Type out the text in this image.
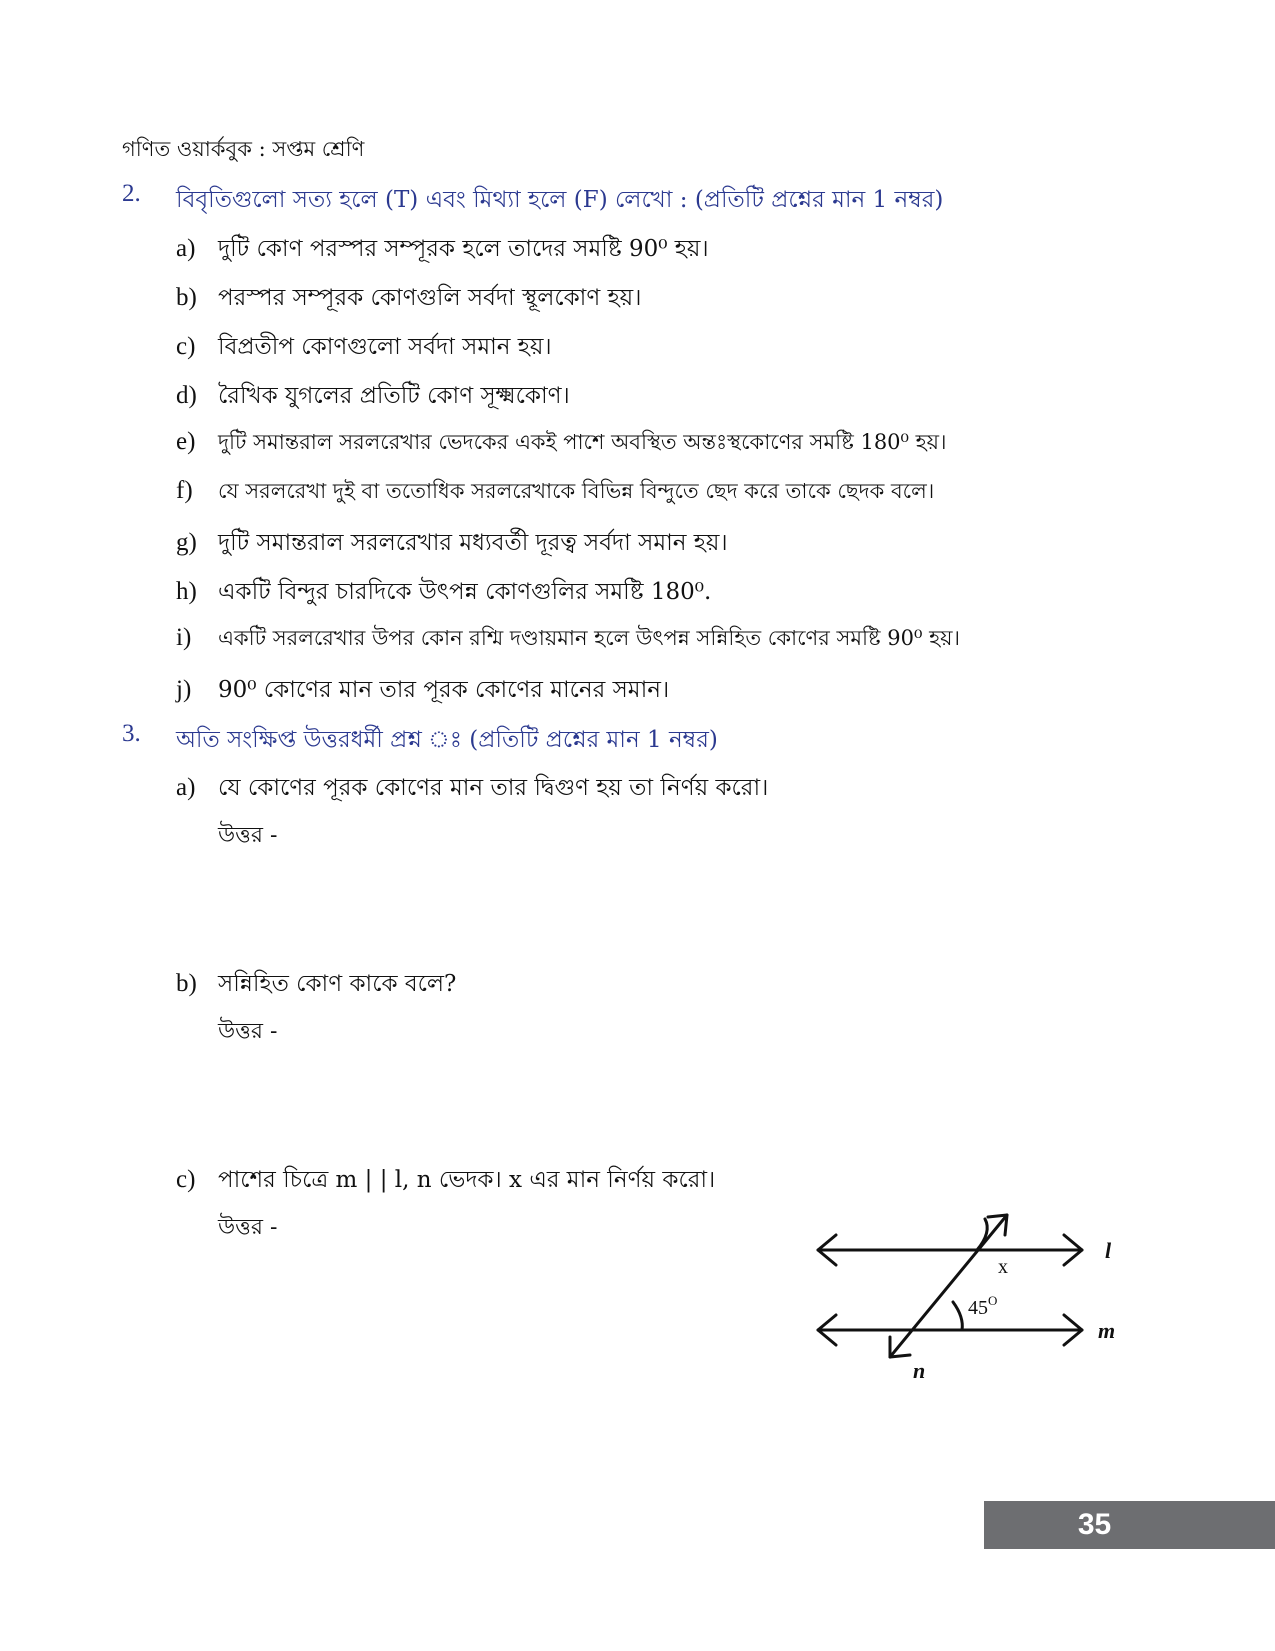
গণিত ওয়ার্কবুক : সপ্তম শ্রেণি
2. বিবৃতিগুলো সত্য হলে (T) এবং মিথ্যা হলে (F) লেখো : (প্রতিটি প্রশ্নের মান 1 নম্বর)
a) দুটি কোণ পরস্পর সম্পূরক হলে তাদের সমষ্টি 90⁰ হয়।
b) পরস্পর সম্পূরক কোণগুলি সর্বদা স্থূলকোণ হয়।
c) বিপ্রতীপ কোণগুলো সর্বদা সমান হয়।
d) রৈখিক যুগলের প্রতিটি কোণ সূক্ষ্মকোণ।
e) দুটি সমান্তরাল সরলরেখার ভেদকের একই পাশে অবস্থিত অন্তঃস্থকোণের সমষ্টি 180⁰ হয়।
f) যে সরলরেখা দুই বা ততোধিক সরলরেখাকে বিভিন্ন বিন্দুতে ছেদ করে তাকে ছেদক বলে।
g) দুটি সমান্তরাল সরলরেখার মধ্যবর্তী দূরত্ব সর্বদা সমান হয়।
h) একটি বিন্দুর চারদিকে উৎপন্ন কোণগুলির সমষ্টি 180⁰.
i) একটি সরলরেখার উপর কোন রশ্মি দণ্ডায়মান হলে উৎপন্ন সন্নিহিত কোণের সমষ্টি 90⁰ হয়।
j) 90⁰ কোণের মান তার পূরক কোণের মানের সমান।
3. অতি সংক্ষিপ্ত উত্তরধর্মী প্রশ্ন ঃ (প্রতিটি প্রশ্নের মান 1 নম্বর)
a) যে কোণের পূরক কোণের মান তার দ্বিগুণ হয় তা নির্ণয় করো।
উত্তর -
b) সন্নিহিত কোণ কাকে বলে?
উত্তর -
c) পাশের চিত্রে m | | l, n ভেদক। x এর মান নির্ণয় করো।
উত্তর -
l
m
n
x
$45^O$
35
